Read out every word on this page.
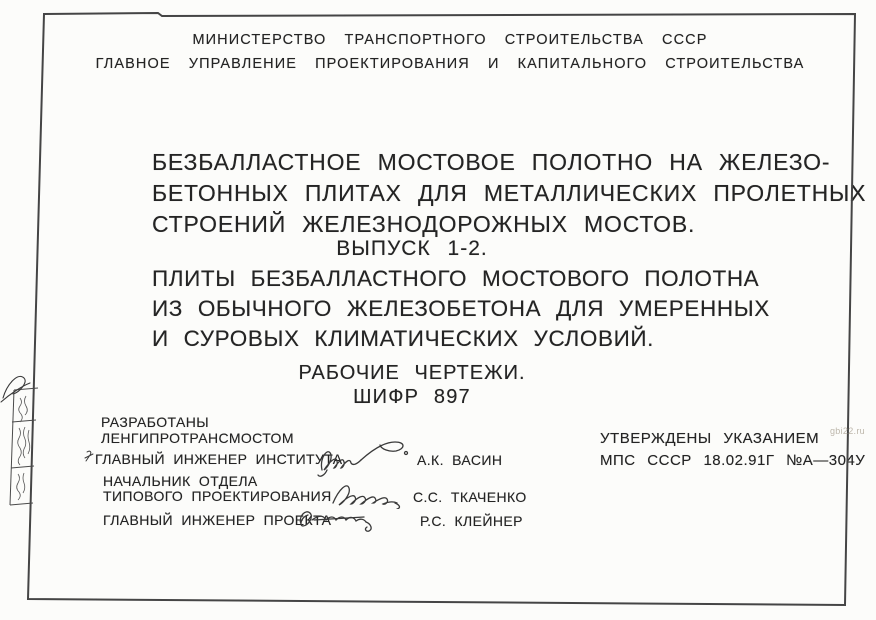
МИНИСТЕРСТВО ТРАНСПОРТНОГО СТРОИТЕЛЬСТВА СССР
ГЛАВНОЕ УПРАВЛЕНИЕ ПРОЕКТИРОВАНИЯ И КАПИТАЛЬНОГО СТРОИТЕЛЬСТВА
БЕЗБАЛЛАСТНОЕ МОСТОВОЕ ПОЛОТНО НА ЖЕЛЕЗО-
БЕТОННЫХ ПЛИТАХ ДЛЯ МЕТАЛЛИЧЕСКИХ ПРОЛЕТНЫХ
СТРОЕНИЙ ЖЕЛЕЗНОДОРОЖНЫХ МОСТОВ.
ВЫПУСК 1-2.
ПЛИТЫ БЕЗБАЛЛАСТНОГО МОСТОВОГО ПОЛОТНА
ИЗ ОБЫЧНОГО ЖЕЛЕЗОБЕТОНА ДЛЯ УМЕРЕННЫХ
И СУРОВЫХ КЛИМАТИЧЕСКИХ УСЛОВИЙ.
РАБОЧИЕ ЧЕРТЕЖИ.
ШИФР 897
РАЗРАБОТАНЫ
ЛЕНГИПРОТРАНСМОСТОМ
ГЛАВНЫЙ ИНЖЕНЕР ИНСТИТУТА	А.К. ВАСИН
НАЧАЛЬНИК ОТДЕЛА
ТИПОВОГО ПРОЕКТИРОВАНИЯ	С.С. ТКАЧЕНКО
ГЛАВНЫЙ ИНЖЕНЕР ПРОЕКТА	Р.С. КЛЕЙНЕР
УТВЕРЖДЕНЫ УКАЗАНИЕМ
МПС СССР 18.02.91Г №А—304У
gbi22.ru
